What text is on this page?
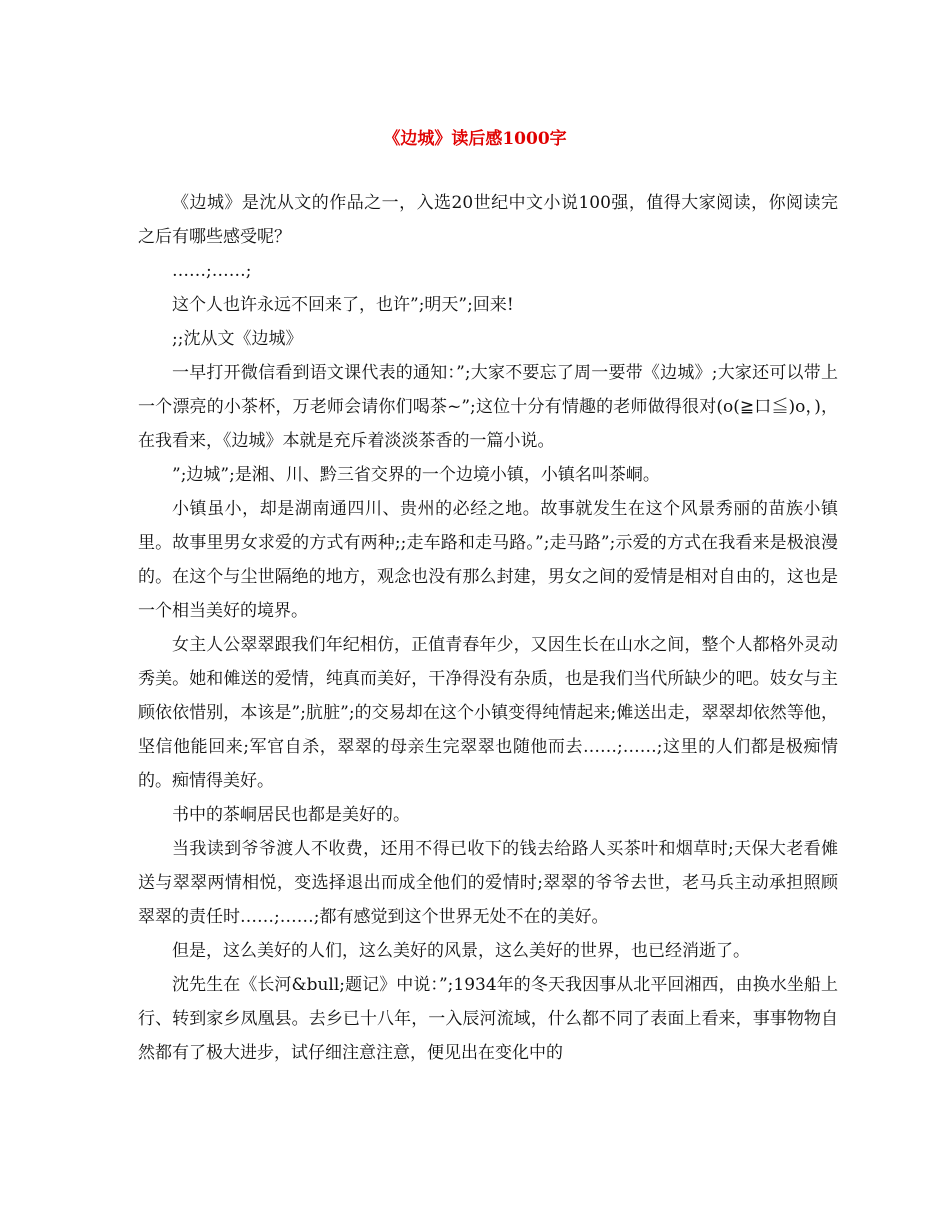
《边城》读后感1000字

《边城》是沈从文的作品之一，入选20世纪中文小说100强，值得大家阅读，你阅读完之后有哪些感受呢？

……;……;

这个人也许永远不回来了，也许”;明天”;回来!

;;沈从文《边城》

一早打开微信看到语文课代表的通知：”;大家不要忘了周一要带《边城》;大家还可以带上一个漂亮的小茶杯，万老师会请你们喝茶~”;这位十分有情趣的老师做得很对(o(≧口≦)o，)，在我看来，《边城》本就是充斥着淡淡茶香的一篇小说。

”;边城”;是湘、川、黔三省交界的一个边境小镇，小镇名叫茶峒。

小镇虽小，却是湖南通四川、贵州的必经之地。故事就发生在这个风景秀丽的苗族小镇里。故事里男女求爱的方式有两种;;走车路和走马路。”;走马路”;示爱的方式在我看来是极浪漫的。在这个与尘世隔绝的地方，观念也没有那么封建，男女之间的爱情是相对自由的，这也是一个相当美好的境界。

女主人公翠翠跟我们年纪相仿，正值青春年少，又因生长在山水之间，整个人都格外灵动秀美。她和傩送的爱情，纯真而美好，干净得没有杂质，也是我们当代所缺少的吧。妓女与主顾依依惜别，本该是”;肮脏”;的交易却在这个小镇变得纯情起来;傩送出走，翠翠却依然等他，坚信他能回来;军官自杀，翠翠的母亲生完翠翠也随他而去……;……;这里的人们都是极痴情的。痴情得美好。

书中的茶峒居民也都是美好的。

当我读到爷爷渡人不收费，还用不得已收下的钱去给路人买茶叶和烟草时;天保大老看傩送与翠翠两情相悦，变选择退出而成全他们的爱情时;翠翠的爷爷去世，老马兵主动承担照顾翠翠的责任时……;……;都有感觉到这个世界无处不在的美好。

但是，这么美好的人们，这么美好的风景，这么美好的世界，也已经消逝了。

沈先生在《长河&bull;题记》中说：”;1934年的冬天我因事从北平回湘西，由换水坐船上行、转到家乡凤凰县。去乡已十八年，一入辰河流域，什么都不同了表面上看来，事事物物自然都有了极大进步，试仔细注意注意，便见出在变化中的
